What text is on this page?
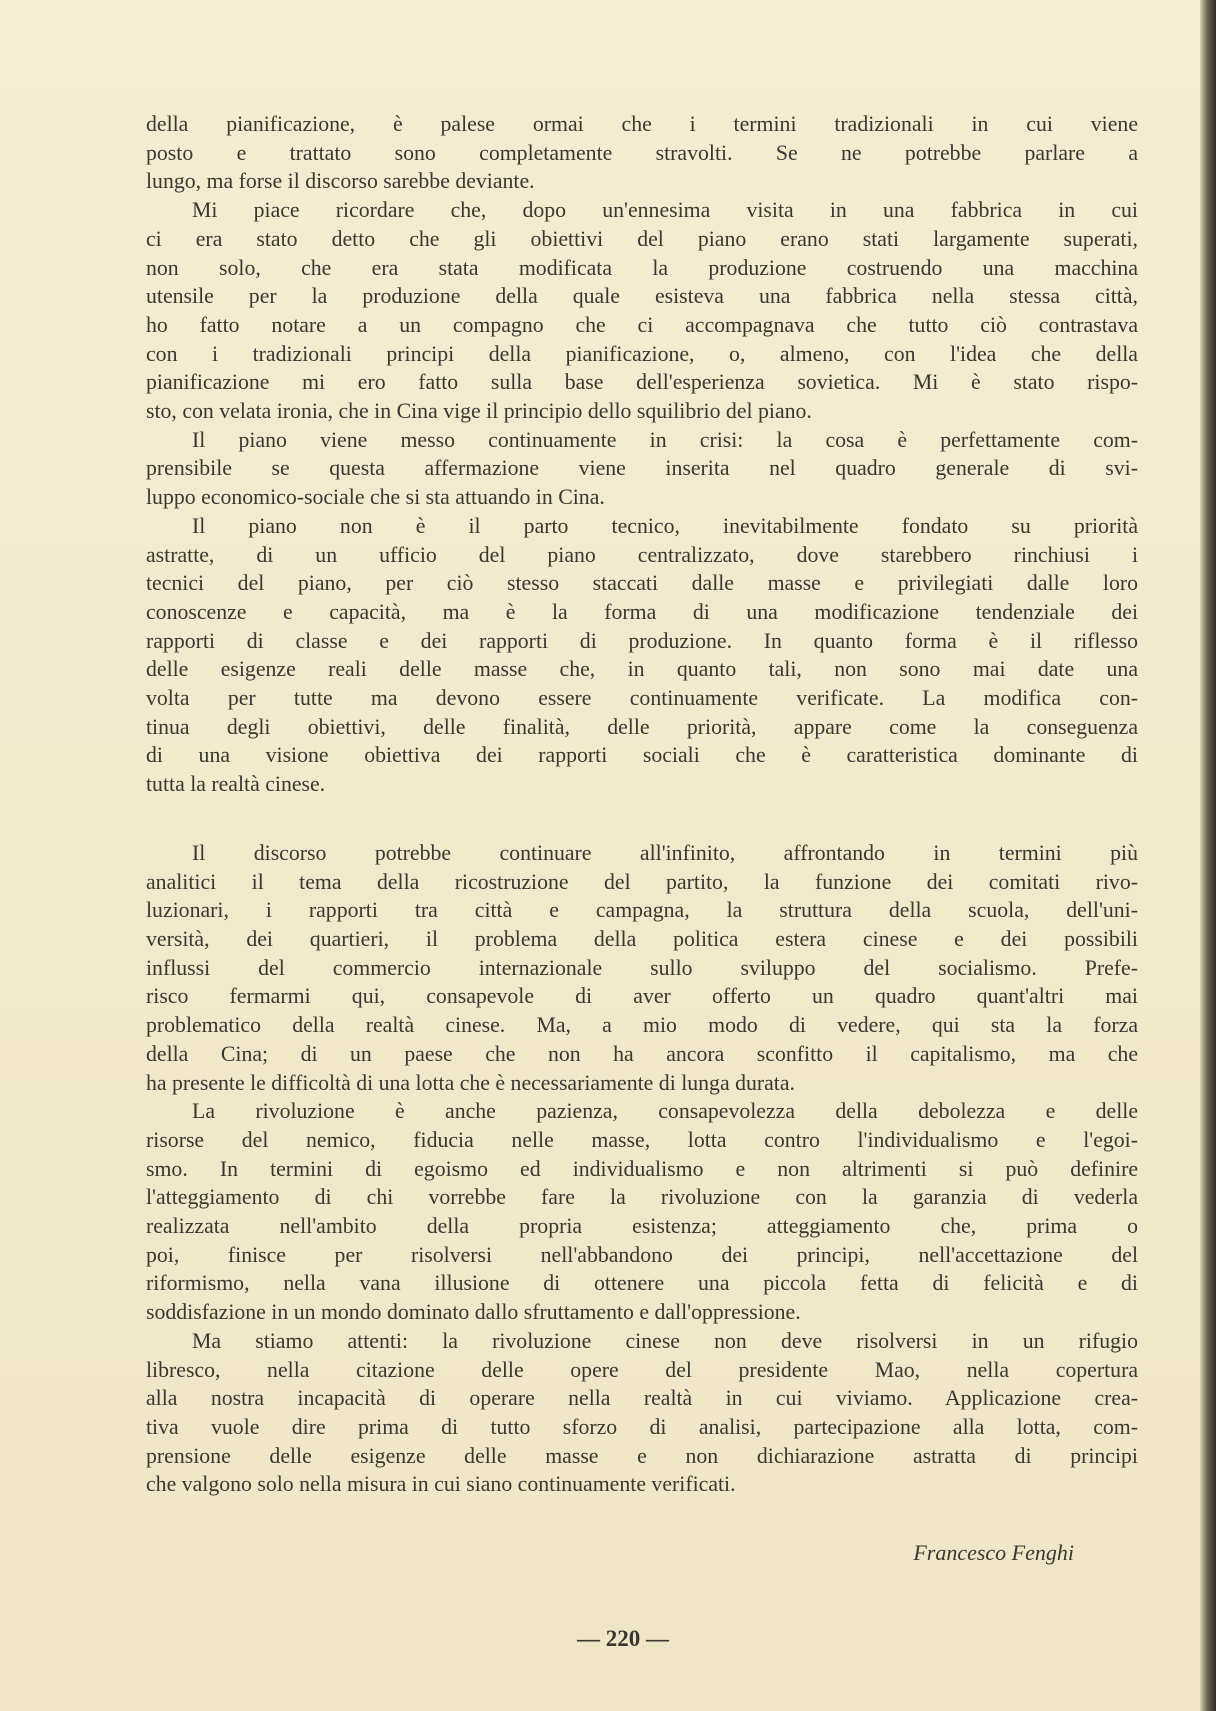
della pianificazione, è palese ormai che i termini tradizionali in cui viene
posto e trattato sono completamente stravolti. Se ne potrebbe parlare a
lungo, ma forse il discorso sarebbe deviante.
Mi piace ricordare che, dopo un'ennesima visita in una fabbrica in cui
ci era stato detto che gli obiettivi del piano erano stati largamente superati,
non solo, che era stata modificata la produzione costruendo una macchina
utensile per la produzione della quale esisteva una fabbrica nella stessa città,
ho fatto notare a un compagno che ci accompagnava che tutto ciò contrastava
con i tradizionali principi della pianificazione, o, almeno, con l'idea che della
pianificazione mi ero fatto sulla base dell'esperienza sovietica. Mi è stato rispo-
sto, con velata ironia, che in Cina vige il principio dello squilibrio del piano.
Il piano viene messo continuamente in crisi: la cosa è perfettamente com-
prensibile se questa affermazione viene inserita nel quadro generale di svi-
luppo economico-sociale che si sta attuando in Cina.
Il piano non è il parto tecnico, inevitabilmente fondato su priorità
astratte, di un ufficio del piano centralizzato, dove starebbero rinchiusi i
tecnici del piano, per ciò stesso staccati dalle masse e privilegiati dalle loro
conoscenze e capacità, ma è la forma di una modificazione tendenziale dei
rapporti di classe e dei rapporti di produzione. In quanto forma è il riflesso
delle esigenze reali delle masse che, in quanto tali, non sono mai date una
volta per tutte ma devono essere continuamente verificate. La modifica con-
tinua degli obiettivi, delle finalità, delle priorità, appare come la conseguenza
di una visione obiettiva dei rapporti sociali che è caratteristica dominante di
tutta la realtà cinese.
Il discorso potrebbe continuare all'infinito, affrontando in termini più
analitici il tema della ricostruzione del partito, la funzione dei comitati rivo-
luzionari, i rapporti tra città e campagna, la struttura della scuola, dell'uni-
versità, dei quartieri, il problema della politica estera cinese e dei possibili
influssi del commercio internazionale sullo sviluppo del socialismo. Prefe-
risco fermarmi qui, consapevole di aver offerto un quadro quant'altri mai
problematico della realtà cinese. Ma, a mio modo di vedere, qui sta la forza
della Cina; di un paese che non ha ancora sconfitto il capitalismo, ma che
ha presente le difficoltà di una lotta che è necessariamente di lunga durata.
La rivoluzione è anche pazienza, consapevolezza della debolezza e delle
risorse del nemico, fiducia nelle masse, lotta contro l'individualismo e l'egoi-
smo. In termini di egoismo ed individualismo e non altrimenti si può definire
l'atteggiamento di chi vorrebbe fare la rivoluzione con la garanzia di vederla
realizzata nell'ambito della propria esistenza; atteggiamento che, prima o
poi, finisce per risolversi nell'abbandono dei principi, nell'accettazione del
riformismo, nella vana illusione di ottenere una piccola fetta di felicità e di
soddisfazione in un mondo dominato dallo sfruttamento e dall'oppressione.
Ma stiamo attenti: la rivoluzione cinese non deve risolversi in un rifugio
libresco, nella citazione delle opere del presidente Mao, nella copertura
alla nostra incapacità di operare nella realtà in cui viviamo. Applicazione crea-
tiva vuole dire prima di tutto sforzo di analisi, partecipazione alla lotta, com-
prensione delle esigenze delle masse e non dichiarazione astratta di principi
che valgono solo nella misura in cui siano continuamente verificati.
Francesco Fenghi
— 220 —
